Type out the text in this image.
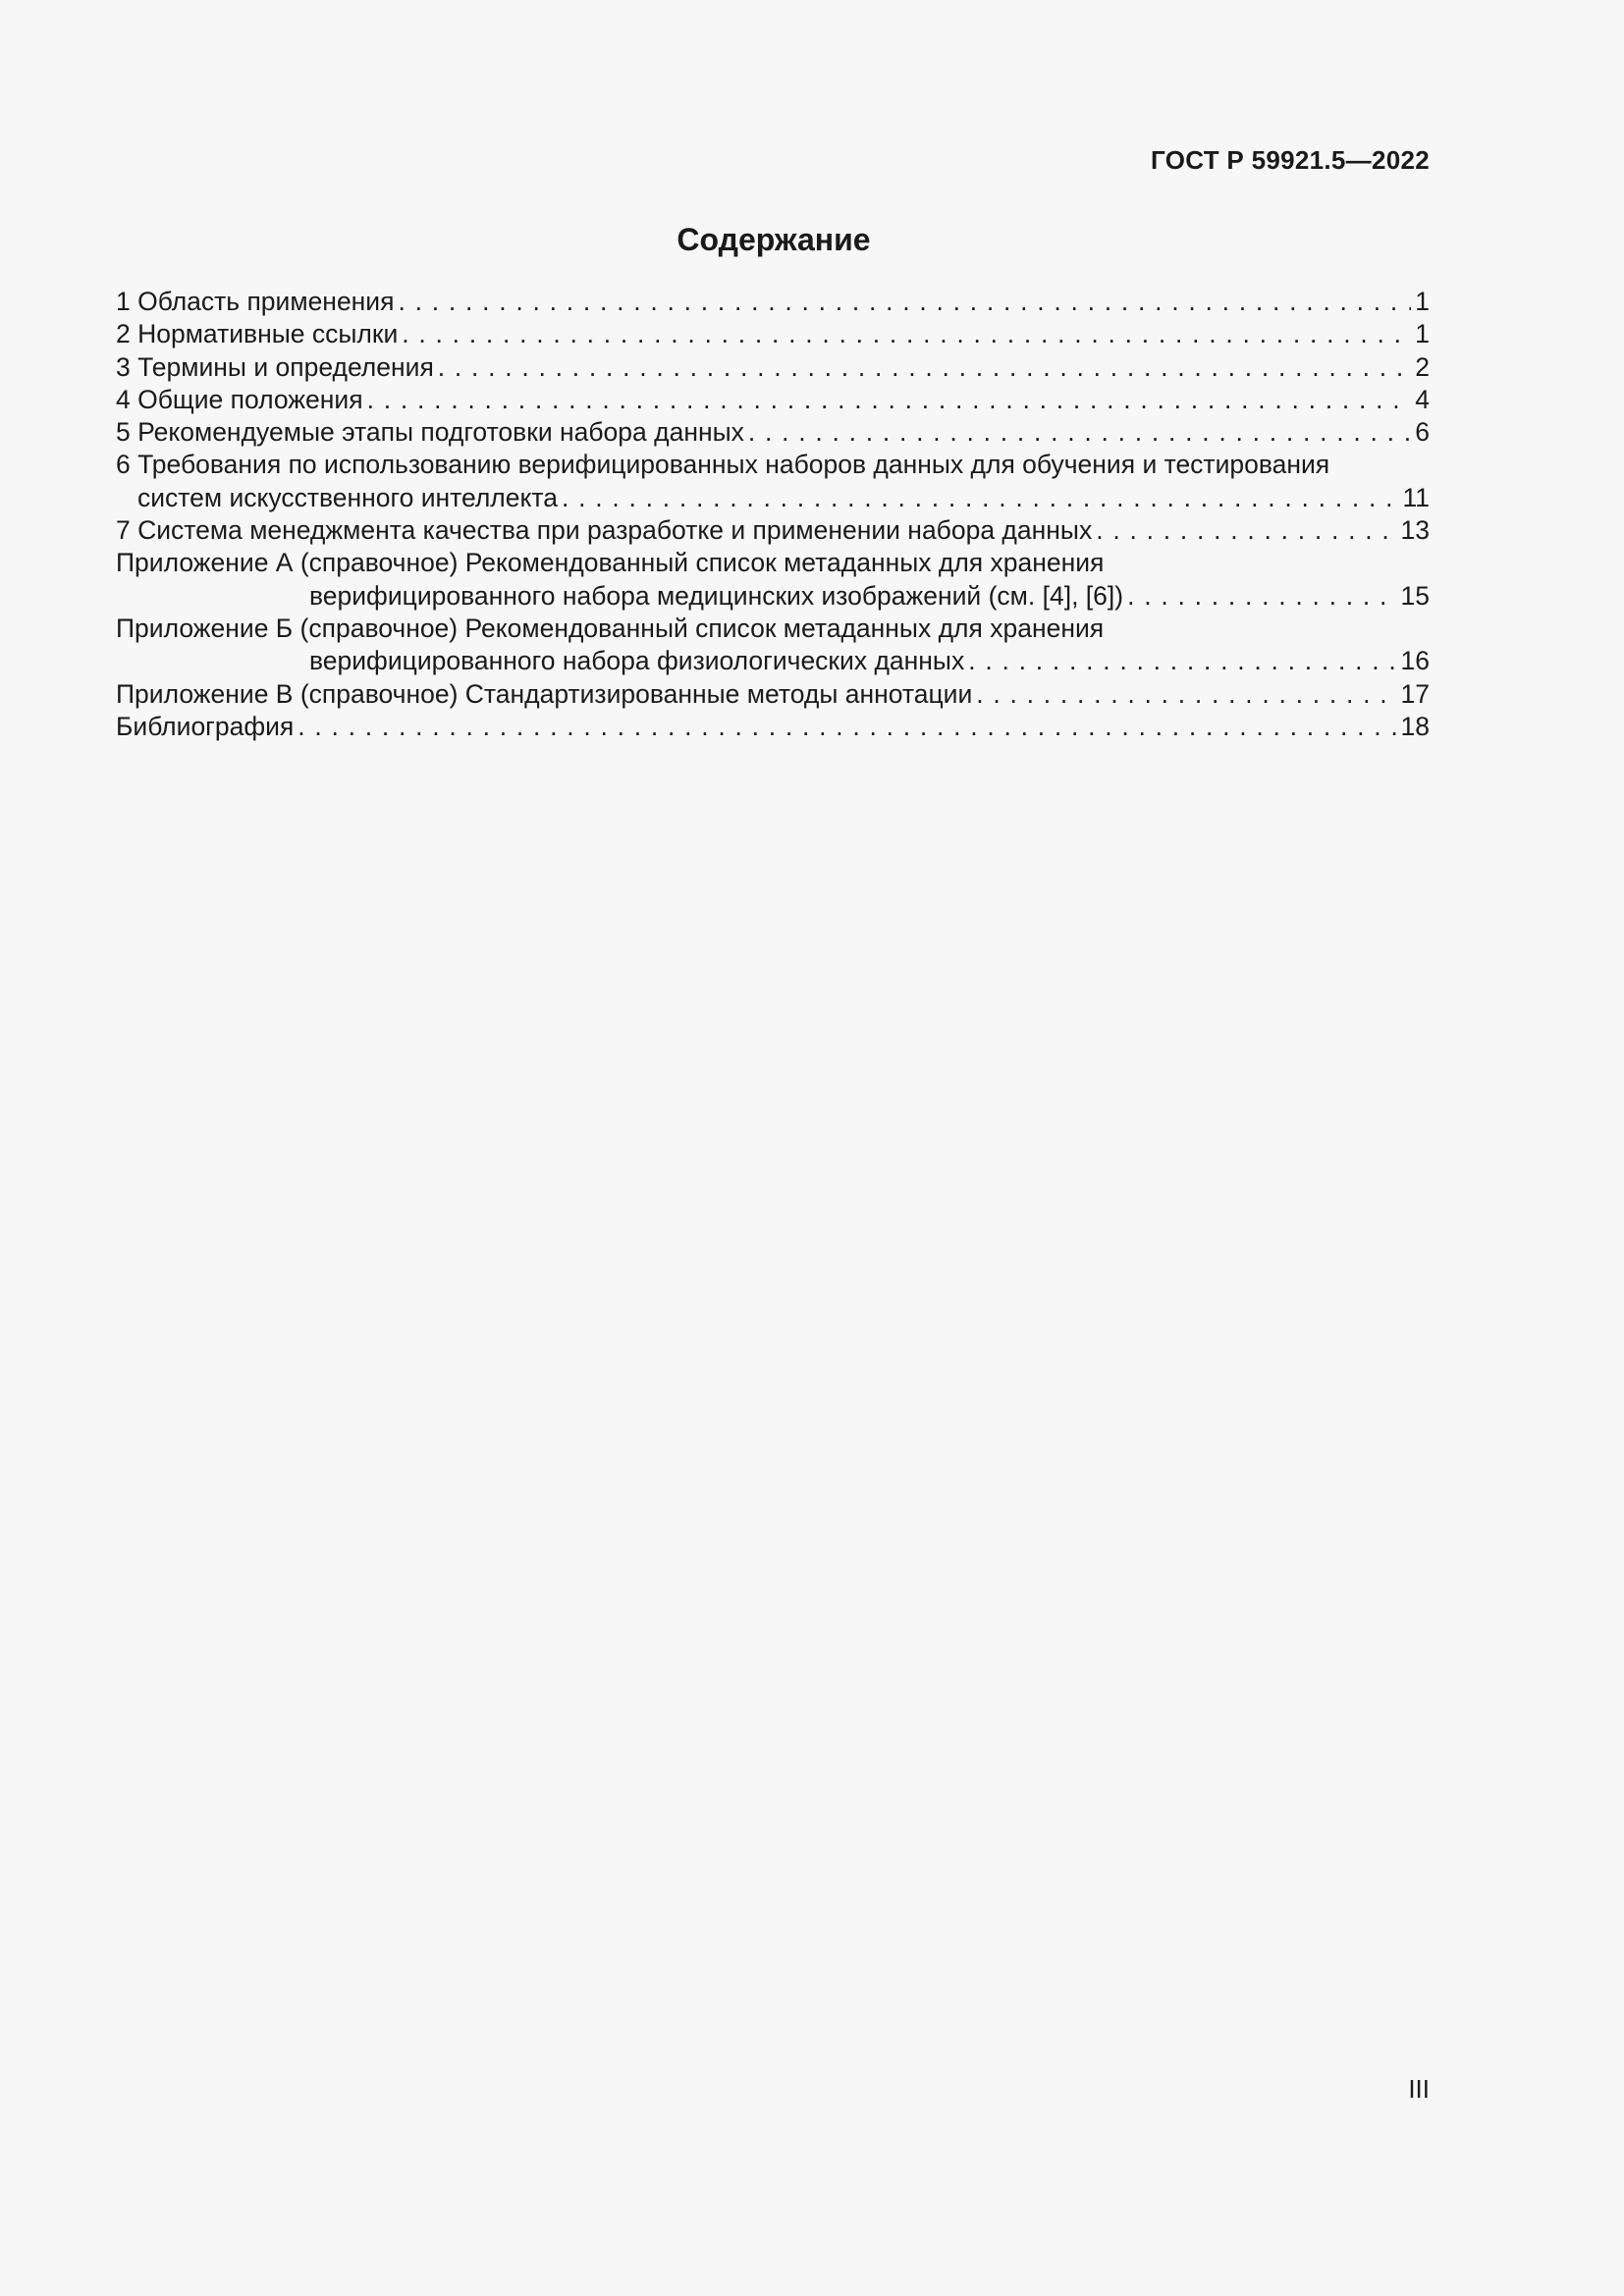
ГОСТ Р 59921.5—2022
Содержание
1 Область применения . . .	1
2 Нормативные ссылки . . .	1
3 Термины и определения . . .	2
4 Общие положения . . .	4
5 Рекомендуемые этапы подготовки набора данных . . .	6
6 Требования по использованию верифицированных наборов данных для обучения и тестирования
систем искусственного интеллекта . . .	11
7 Система менеджмента качества при разработке и применении набора данных . . .	13
Приложение А (справочное) Рекомендованный список метаданных для хранения
верифицированного набора медицинских изображений (см. [4], [6]) . . .	15
Приложение Б (справочное) Рекомендованный список метаданных для хранения
верифицированного набора физиологических данных . . .	16
Приложение В (справочное) Стандартизированные методы аннотации . . .	17
Библиография . . .	18
III
